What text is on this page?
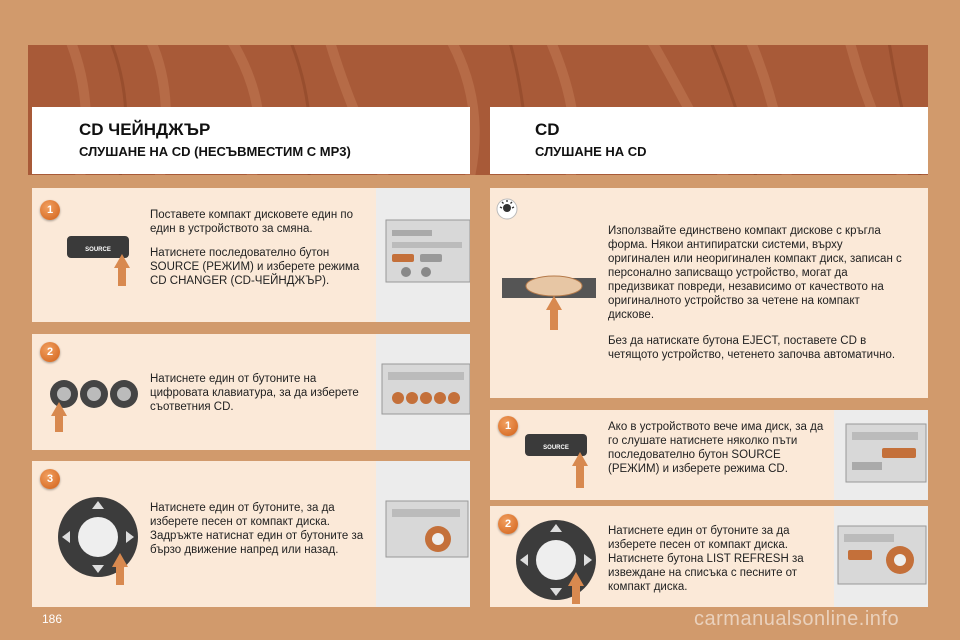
CD ЧЕЙНДЖЪР
СЛУШАНЕ НА CD (НЕСЪВМЕСТИМ С MP3)
CD
СЛУШАНЕ НА CD
1
SOURCE

Поставете компакт дисковете един по един в устройството за смяна.

Натиснете последователно бутон SOURCE (РЕЖИМ) и изберете режима CD CHANGER (CD-ЧЕЙНДЖЪР).

2

Натиснете един от бутоните на цифровата клавиатура, за да изберете съответния CD.

3

Натиснете един от бутоните, за да изберете песен от компакт диска. Задръжте натиснат един от бутоните за бързо движение напред или назад.

Използвайте единствено компакт дискове с кръгла форма. Някои антипиратски системи, върху оригинален или неоригинален компакт диск, записан с персонално записващо устройство, могат да предизвикат повреди, независимо от качеството на оригиналното устройство за четене на компакт дискове.

Без да натискате бутона EJECT, поставете CD в четящото устройство, четенето започва автоматично.

1
SOURCE

Ако в устройството вече има диск, за да го слушате натиснете няколко пъти последователно бутон SOURCE (РЕЖИМ) и изберете режима CD.

2

Натиснете един от бутоните за да изберете песен от компакт диска. Натиснете бутона LIST REFRESH за извеждане на списъка с песните от компакт диска.

186	carmanualsonline.info
